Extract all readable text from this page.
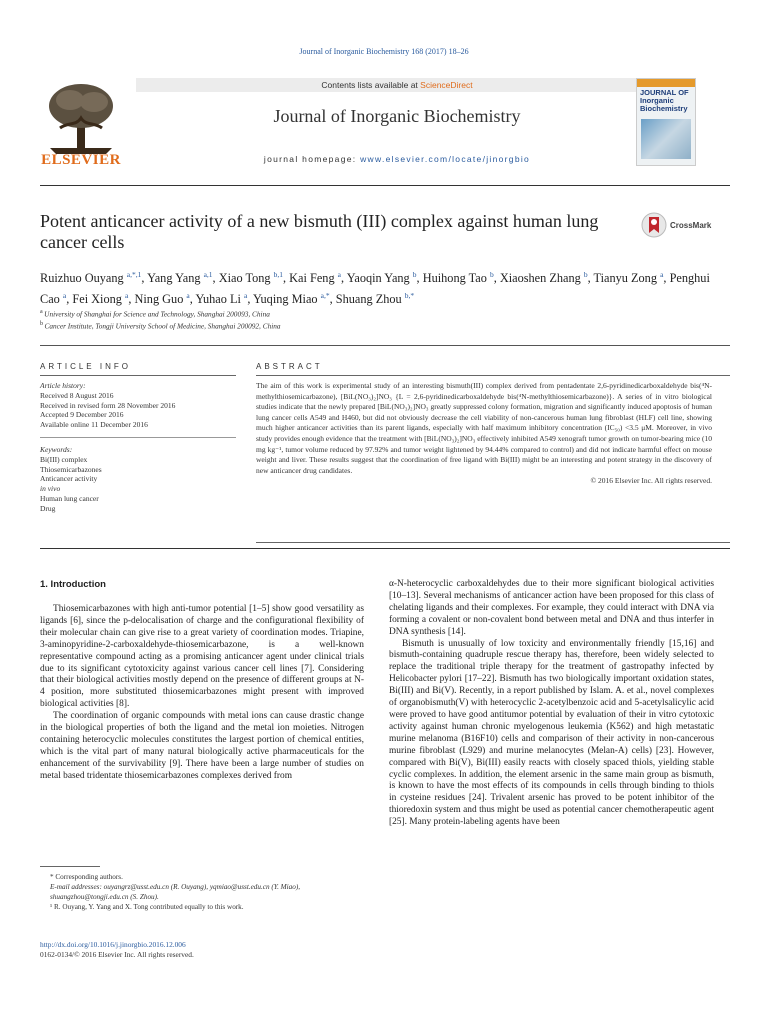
Journal of Inorganic Biochemistry 168 (2017) 18–26
ELSEVIER
Contents lists available at ScienceDirect
Journal of Inorganic Biochemistry
journal homepage: www.elsevier.com/locate/jinorgbio
JOURNAL OF Inorganic Biochemistry
Potent anticancer activity of a new bismuth (III) complex against human lung cancer cells
CrossMark
Ruizhuo Ouyang $^{a,*,1}$, Yang Yang $^{a,1}$, Xiao Tong $^{b,1}$, Kai Feng $^a$, Yaoqin Yang $^b$, Huihong Tao $^b$, Xiaoshen Zhang $^b$, Tianyu Zong $^a$, Penghui Cao $^a$, Fei Xiong $^a$, Ning Guo $^a$, Yuhao Li $^a$, Yuqing Miao $^{a,*}$, Shuang Zhou $^{b,*}$
$^a$ University of Shanghai for Science and Technology, Shanghai 200093, China
$^b$ Cancer Institute, Tongji University School of Medicine, Shanghai 200092, China
ARTICLE INFO	ABSTRACT
Article history:
Received 8 August 2016
Received in revised form 28 November 2016
Accepted 9 December 2016
Available online 11 December 2016
Keywords:
Bi(III) complex
Thiosemicarbazones
Anticancer activity
in vivo
Human lung cancer
Drug
The aim of this work is experimental study of an interesting bismuth(III) complex derived from pentadentate 2,6-pyridinedicarboxaldehyde bis(⁴N-methylthiosemicarbazone), [BiL(NO₃)₂]NO₃ {L = 2,6-pyridinedicarboxaldehyde bis(⁴N-methylthiosemicarbazone)}. A series of in vitro biological studies indicate that the newly prepared [BiL(NO₃)₂]NO₃ greatly suppressed colony formation, migration and significantly induced apoptosis of human lung cancer cells A549 and H460, but did not obviously decrease the cell viability of non-cancerous human lung fibroblast (HLF) cell line, showing much higher anticancer activities than its parent ligands, especially with half maximum inhibitory concentration (IC₅₀) <3.5 μM. Moreover, in vivo study provides enough evidence that the treatment with [BiL(NO₃)₂]NO₃ effectively inhibited A549 xenograft tumor growth on tumor-bearing mice (10 mg kg⁻¹, tumor volume reduced by 97.92% and tumor weight lightened by 94.44% compared to control) and did not indicate harmful effect on mouse weight and liver. These results suggest that the coordination of free ligand with Bi(III) might be an interesting and potent strategy in the discovery of new anticancer drug candidates.
© 2016 Elsevier Inc. All rights reserved.
1. Introduction

Thiosemicarbazones with high anti-tumor potential [1–5] show good versatility as ligands [6], since the p-delocalisation of charge and the configurational flexibility of their molecular chain can give rise to a great variety of coordination modes. Triapine, 3-aminopyridine-2-carboxaldehyde-thiosemicarbazone, is a well-known representative compound acting as a promising anticancer agent under clinical trials due to its significant cytotoxicity against various cancer cell lines [7]. Considering that their biological activities mostly depend on the presence of different groups at N-4 position, more substituted thiosemicarbazones might present with improved biological activities [8].

The coordination of organic compounds with metal ions can cause drastic change in the biological properties of both the ligand and the metal ion moieties. Nitrogen containing heterocyclic molecules constitutes the largest portion of chemical entities, which is the vital part of many natural biologically active pharmaceuticals for the enhancement of the survivability [9]. There have been a large number of studies on metal based tridentate thiosemicarbazones complexes derived from

α-N-heterocyclic carboxaldehydes due to their more significant biological activities [10–13]. Several mechanisms of anticancer action have been proposed for this class of chelating ligands and their complexes. For example, they could interact with DNA via forming a covalent or non-covalent bond between metal and DNA and thus interfer in DNA synthesis [14].

Bismuth is unusually of low toxicity and environmentally friendly [15,16] and bismuth-containing quadruple rescue therapy has, therefore, been widely selected to replace the traditional triple therapy for the treatment of gastropathy infected by Helicobacter pylori [17–22]. Bismuth has two biologically important oxidation states, Bi(III) and Bi(V). Recently, in a report published by Islam. A. et al., novel complexes of organobismuth(V) with heterocyclic 2-acetylbenzoic acid and 5-acetylsalicylic acid were proved to have good antitumor potential by evaluation of their in vitro cytotoxic activity against human chronic myelogenous leukemia (K562) and high metastatic murine melanoma (B16F10) cells and comparison of their activity in non-cancerous murine fibroblast (L929) and murine melanocytes (Melan-A) cells) [23]. However, compared with Bi(V), Bi(III) easily reacts with closely spaced thiols, yielding stable cyclic complexes. In addition, the element arsenic in the same main group as bismuth, is known to have the most effects of its compounds in cells through binding to thiols in cysteine residues [24]. Trivalent arsenic has proved to be potent inhibitor of the thioredoxin system and thus might be used as potential cancer chemotherapeutic agent [25]. Many protein-labeling agents have been

* Corresponding authors.
E-mail addresses: ouyangrz@usst.edu.cn (R. Ouyang), yqmiao@usst.edu.cn (Y. Miao), shuangzhou@tongji.edu.cn (S. Zhou).
¹ R. Ouyang, Y. Yang and X. Tong contributed equally to this work.
http://dx.doi.org/10.1016/j.jinorgbio.2016.12.006
0162-0134/© 2016 Elsevier Inc. All rights reserved.
